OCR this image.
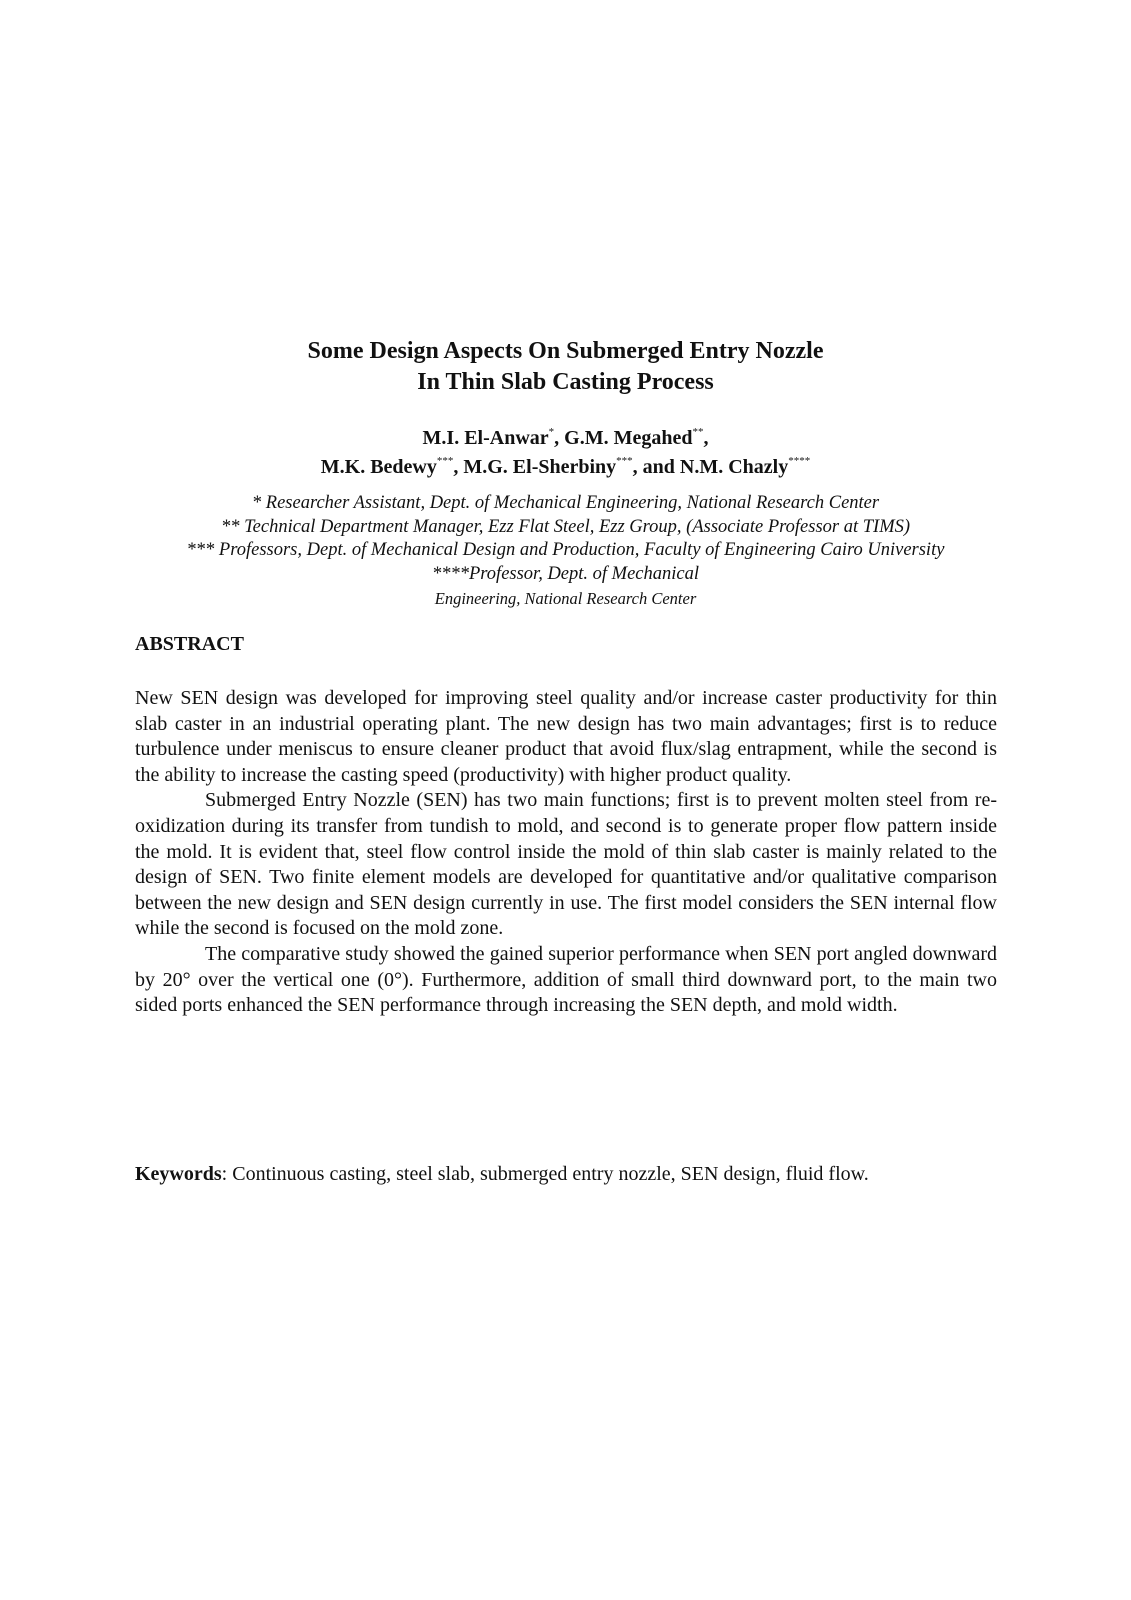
Some Design Aspects On Submerged Entry Nozzle
In Thin Slab Casting Process
M.I. El-Anwar*, G.M. Megahed**,
M.K. Bedewy***, M.G. El-Sherbiny***, and N.M. Chazly****
* Researcher Assistant, Dept. of Mechanical Engineering, National Research Center
** Technical Department Manager, Ezz Flat Steel, Ezz Group, (Associate Professor at TIMS)
*** Professors, Dept. of Mechanical Design and Production, Faculty of Engineering Cairo University
****Professor, Dept. of Mechanical
Engineering, National Research Center
ABSTRACT

New SEN design was developed for improving steel quality and/or increase caster productivity for thin slab caster in an industrial operating plant. The new design has two main advantages; first is to reduce turbulence under meniscus to ensure cleaner product that avoid flux/slag entrapment, while the second is the ability to increase the casting speed (productivity) with higher product quality.

Submerged Entry Nozzle (SEN) has two main functions; first is to prevent molten steel from re-oxidization during its transfer from tundish to mold, and second is to generate proper flow pattern inside the mold. It is evident that, steel flow control inside the mold of thin slab caster is mainly related to the design of SEN. Two finite element models are developed for quantitative and/or qualitative comparison between the new design and SEN design currently in use. The first model considers the SEN internal flow while the second is focused on the mold zone.

The comparative study showed the gained superior performance when SEN port angled downward by 20° over the vertical one (0°). Furthermore, addition of small third downward port, to the main two sided ports enhanced the SEN performance through increasing the SEN depth, and mold width.

Keywords: Continuous casting, steel slab, submerged entry nozzle, SEN design, fluid flow.
